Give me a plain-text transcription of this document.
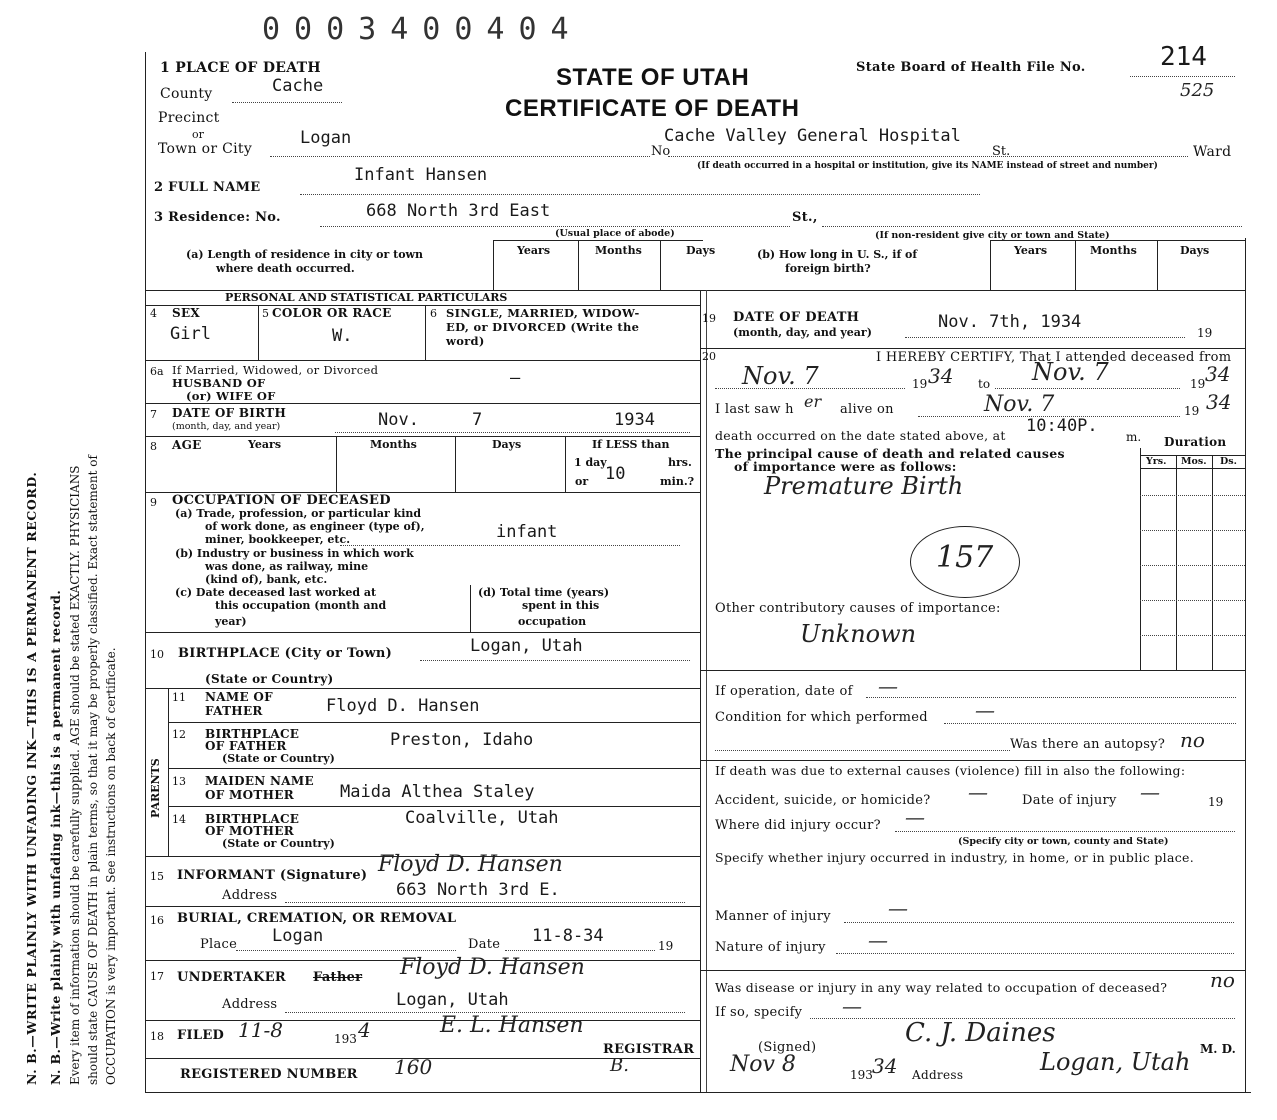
N. B.—WRITE PLAINLY WITH UNFADING INK—THIS IS A PERMANENT RECORD. N. B.—Write plainly with unfading ink—this is a permanent record. Every item of information should be carefully supplied. AGE should be stated EXACTLY. PHYSICIANS should state CAUSE OF DEATH in plain terms, so that it may be properly classified. Exact statement of OCCUPATION is very important. See instructions on back of certificate.
0003400404
1 PLACE OF DEATH	STATE OF UTAH
CERTIFICATE OF DEATH
State Board of Health File No.	214
525
County	Cache
Precinct
or
Town or City
Logan
No
Cache Valley General Hospital
St.	Ward
(If death occurred in a hospital or institution, give its NAME instead of street and number)
2 FULL NAME
Infant Hansen
3 Residence: No.	668 North 3rd East	St.,
(Usual place of abode)	(If non-resident give city or town and State)
(a) Length of residence in city or town
where death occurred.
Years	Months	Days	(b) How long in U. S., if of
foreign birth?
Years	Months	Days
PERSONAL AND STATISTICAL PARTICULARS
4 SEX
Girl
5 COLOR OR RACE
W.
6 SINGLE, MARRIED, WIDOW-
ED, or DIVORCED (Write the
word)
6a If Married, Widowed, or Divorced
HUSBAND OF
(or) WIFE OF
—
7 DATE OF BIRTH
(month, day, and year)	Nov.	7	1934
8 AGE	Years	Months	Days	If LESS than
1 day	hrs.
or 10	min.?
9 OCCUPATION OF DECEASED
(a) Trade, profession, or particular kind
of work done, as engineer (type of),
miner, bookkeeper, etc.	infant
(b) Industry or business in which work
was done, as railway, mine
(kind of), bank, etc.
(c) Date deceased last worked at
this occupation (month and
year)
(d) Total time (years)
spent in this
occupation
10 BIRTHPLACE (City or Town)	Logan, Utah
(State or Country)
PARENTS
11 NAME OF
FATHER	Floyd D. Hansen
12 BIRTHPLACE
OF FATHER
(State or Country)
Preston, Idaho
13 MAIDEN NAME
OF MOTHER	Maida Althea Staley
14 BIRTHPLACE
OF MOTHER
(State or Country)
Coalville, Utah
15 INFORMANT (Signature) Floyd D. Hansen
Address	663 North 3rd E.
16 BURIAL, CREMATION, OR REMOVAL
Place Logan	Date 11-8-34	19
17 UNDERTAKER Father Floyd D. Hansen
Address	Logan, Utah
18 FILED 11-8	193 4	E. L. Hansen
REGISTRAR
B.
REGISTERED NUMBER 160
19 DATE OF DEATH
(month, day, and year)
Nov. 7th, 1934
19
20	I HEREBY CERTIFY, That I attended deceased from
Nov. 7	19 34 to Nov. 7	19 34
I last saw h er alive on	Nov. 7	19 34
death occurred on the date stated above, at 10:40P.
m. Duration
Yrs. Mos. Ds.
The principal cause of death and related causes
of importance were as follows:
Premature Birth
157
Other contributory causes of importance:
Unknown
If operation, date of —
Condition for which performed —
Was there an autopsy? no
If death was due to external causes (violence) fill in also the following:
Accident, suicide, or homicide? —	Date of injury —	19
Where did injury occur? —
(Specify city or town, county and State)
Specify whether injury occurred in industry, in home, or in public place.
Manner of injury	—
Nature of injury —
Was disease or injury in any way related to occupation of deceased? no
If so, specify —
(Signed)	C. J. Daines
M. D.
Nov 8	193 34 Address	Logan, Utah
